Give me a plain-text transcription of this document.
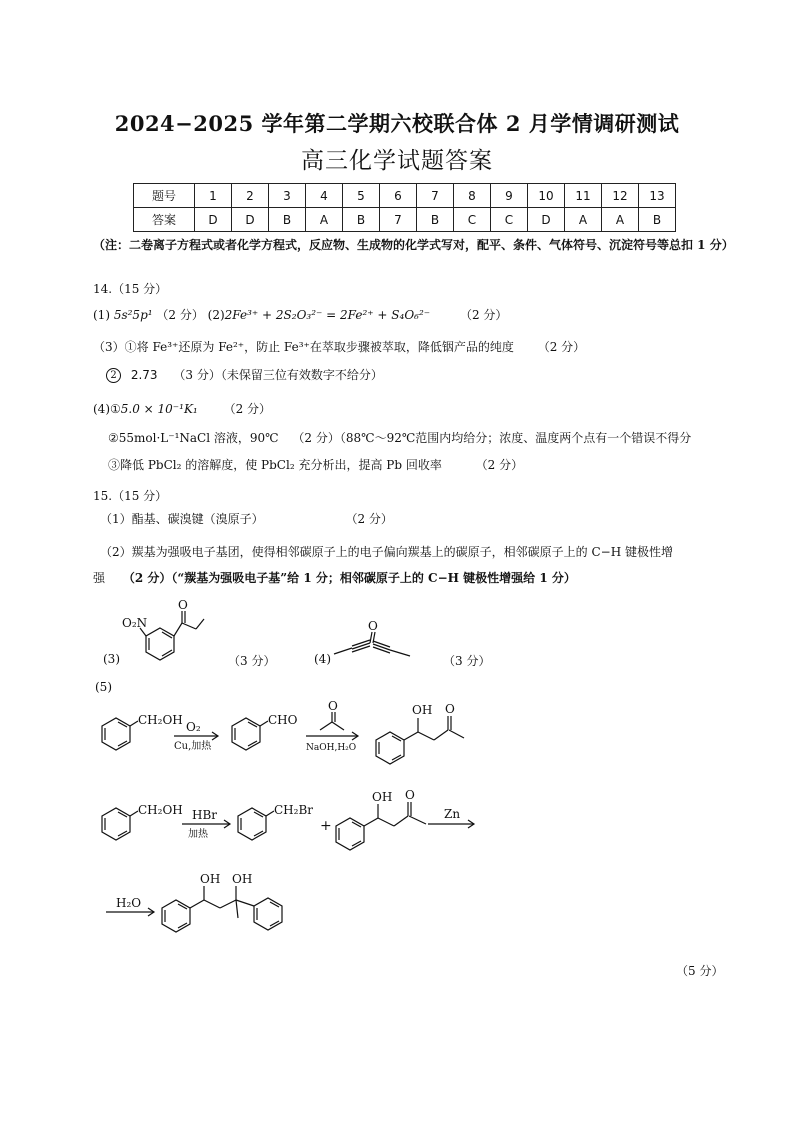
2024−2025 学年第二学期六校联合体 2 月学情调研测试
高三化学试题答案
题号	1	2	3	4	5	6	7	8	9	10	11	12	13
答案	D	D	B	A	B	7	B	C	C	D	A	A	B
（注：二卷离子方程式或者化学方程式，反应物、生成物的化学式写对，配平、条件、气体符号、沉淀符号等总扣 1 分）
14.（15 分）
(1) 5s²5p¹ （2 分） (2)2Fe³⁺ + 2S₂O₃²⁻ = 2Fe²⁺ + S₄O₆²⁻ （2 分）
（3）①将 Fe³⁺还原为 Fe²⁺，防止 Fe³⁺在萃取步骤被萃取，降低铟产品的纯度 （2 分）
2 2.73 （3 分）（未保留三位有效数字不给分）
(4)①5.0 × 10⁻¹K₁ （2 分）
②55mol·L⁻¹NaCl 溶液，90℃ （2 分）（88℃～92℃范围内均给分；浓度、温度两个点有一个错误不得分
③降低 PbCl₂ 的溶解度，使 PbCl₂ 充分析出，提高 Pb 回收率	（2 分）
15.（15 分）
（1）酯基、碳溴键（溴原子）	（2 分）
（2）羰基为强吸电子基团，使得相邻碳原子上的电子偏向羰基上的碳原子，相邻碳原子上的 C−H 键极性增
强 （2 分）（“羰基为强吸电子基”给 1 分；相邻碳原子上的 C−H 键极性增强给 1 分）
(3)
O₂N
O
（3 分）	(4)
O
（3 分）
(5)
CH₂OH O₂
Cu,加热
CHO
O
NaOH,H₂O
OH O
CH₂OH HBr
加热
CH₂Br
+
OH O
Zn
H₂O
OH OH
（5 分）
